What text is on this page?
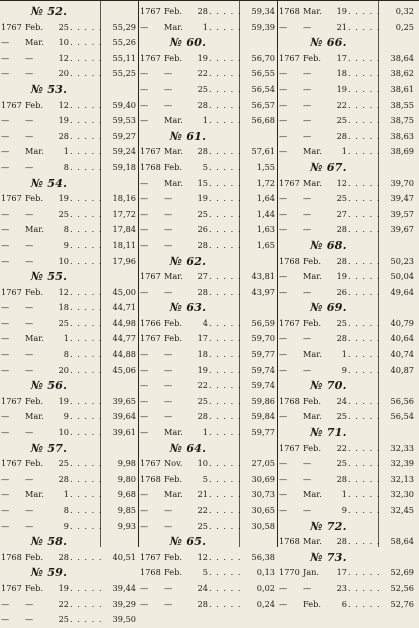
№ 52.
1767 Feb.	25 . . . . .	55,29
—	Mar.	10 . . . . .	55,26
—	—	12 . . . . .	55,11
—	—	20 . . . . .	55,25
№ 53.
1767 Feb.	12 . . . . .	59,40
—	—	19 . . . . .	59,53
—	—	28 . . . . .	59,27
—	Mar.	1 . . . . .	59,24
—	—	8 . . . . .	59,18
№ 54.
1767 Feb.	19 . . . . .	18,16
—	—	25 . . . . .	17,72
—	Mar.	8 . . . . .	17,84
—	—	9 . . . . .	18,11
—	—	10 . . . . .	17,96
№ 55.
1767 Feb.	12 . . . . .	45,00
—	—	18 . . . . .	44,71
—	—	25 . . . . .	44,98
—	Mar.	1 . . . . .	44,77
—	—	8 . . . . .	44,88
—	—	20 . . . . .	45,06
№ 56.
1767 Feb.	19 . . . . .	39,65
—	Mar.	9 . . . . .	39,64
—	—	10 . . . . .	39,61
№ 57.
1767 Feb.	25 . . . . .	9,98
—	—	28 . . . . .	9,80
—	Mar.	1 . . . . .	9,68
—	—	8 . . . . .	9,85
—	—	9 . . . . .	9,93
№ 58.
1768 Feb.	28 . . . . .	40,51
№ 59.
1767 Feb.	19 . . . . .	39,44
—	—	22 . . . . .	39,29
—	—	25 . . . . .	39,50
1767 Feb.	28 . . . . .	59,34
—	Mar.	1 . . . . .	59,39
№ 60.
1767 Feb.	19 . . . . .	56,70
—	—	22 . . . . .	56,55
—	—	25 . . . . .	56,54
—	—	28 . . . . .	56,57
—	Mar.	1 . . . . .	56,68
№ 61.
1767 Mar.	28 . . . . .	57,61
1768 Feb.	5 . . . . .	1,55
—	Mar.	15 . . . . .	1,72
—	—	19 . . . . .	1,64
—	—	25 . . . . .	1,44
—	—	26 . . . . .	1,63
—	—	28 . . . . .	1,65
№ 62.
1767 Mar.	27 . . . . .	43,81
—	—	28 . . . . .	43,97
№ 63.
1766 Feb.	4 . . . . .	56,59
1767 Feb.	17 . . . . .	59,70
—	—	18 . . . . .	59,77
—	—	19 . . . . .	59,74
—	—	22 . . . . .	59,74
—	—	25 . . . . .	59,86
—	—	28 . . . . .	59,84
—	Mar.	1 . . . . .	59,77
№ 64.
1767 Nov.	10 . . . . .	27,05
1768 Feb.	5 . . . . .	30,69
—	Mar.	21 . . . . .	30,73
—	—	22 . . . . .	30,65
—	—	25 . . . . .	30,58
№ 65.
1767 Feb.	12 . . . . .	56,38
1768 Feb.	5 . . . . .	0,13
—	—	24 . . . . .	0,02
—	—	28 . . . . .	0,24
1768 Mar.	19 . . . . .	0,32
—	—	21 . . . . .	0,25
№ 66.
1767 Feb.	17 . . . . .	38,64
—	—	18 . . . . .	38,62
—	—	19 . . . . .	38,61
—	—	22 . . . . .	38,55
—	—	25 . . . . .	38,75
—	—	28 . . . . .	38,63
—	Mar.	1 . . . . .	38,69
№ 67.
1767 Mar.	12 . . . . .	39,70
—	—	25 . . . . .	39,47
—	—	27 . . . . .	39,57
—	—	28 . . . . .	39,67
№ 68.
1768 Feb.	28 . . . . .	50,23
—	Mar.	19 . . . . .	50,04
—	—	26 . . . . .	49,64
№ 69.
1767 Feb.	25 . . . . .	40,79
—	—	28 . . . . .	40,64
—	Mar.	1 . . . . .	40,74
—	—	9 . . . . .	40,87
№ 70.
1768 Feb.	24 . . . . .	56,56
—	Mar.	25 . . . . .	56,54
№ 71.
1767 Feb.	22 . . . . .	32,33
—	—	25 . . . . .	32,39
—	—	28 . . . . .	32,13
—	Mar.	1 . . . . .	32,30
—	—	9 . . . . .	32,45
№ 72.
1768 Mar.	28 . . . . .	58,64
№ 73.
1770 Jan.	17 . . . . .	52,69
—	—	23 . . . . .	52,56
—	Feb.	6 . . . . .	52,76
